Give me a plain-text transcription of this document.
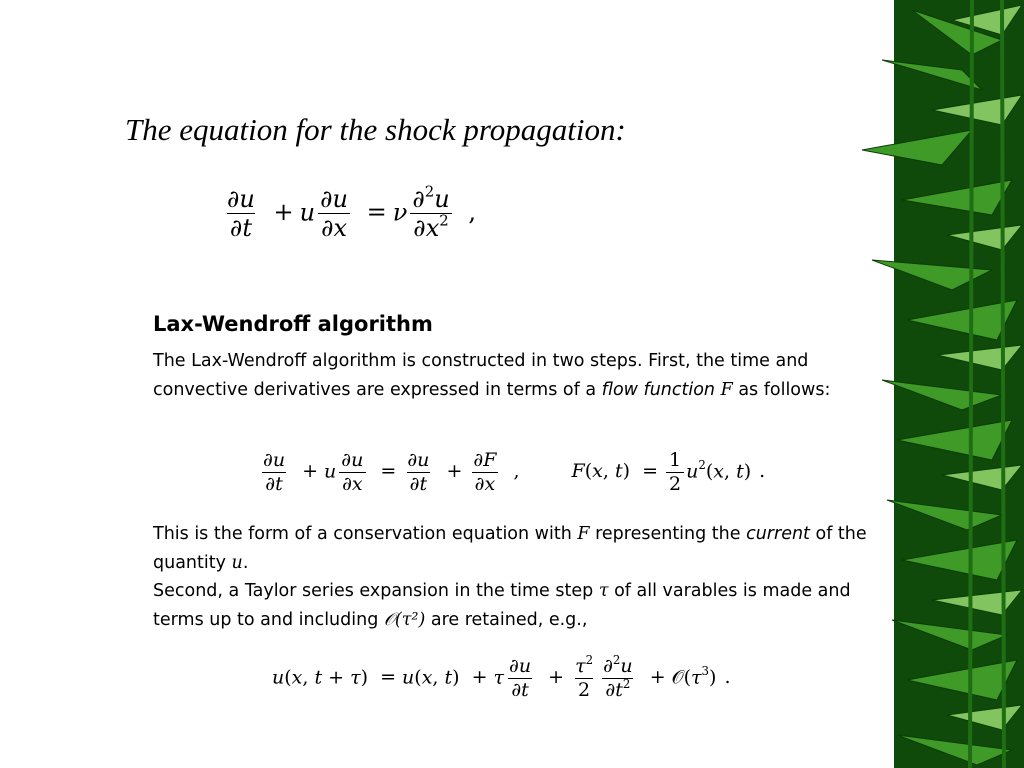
The equation for the shock propagation:
$\frac{\partial u}{\partial t} + u \frac{\partial u}{\partial x} = \nu \frac{\partial^2u}{\partial x^2}$ ,
Lax-Wendroff algorithm
The Lax-Wendroff algorithm is constructed in two steps. First, the time and convective derivatives are expressed in terms of a flow function F as follows:
$\frac{\partial u}{\partial t} + u \frac{\partial u}{\partial x} = \frac{\partial u}{\partial t} + \frac{\partial F}{\partial x}$ ,	F(x, $t) = \frac{1}{2} u^2(x$, t) .
This is the form of a conservation equation with F representing the current of the quantity u.
Second, a Taylor series expansion in the time step τ of all varables is made and terms up to and including 𝒪(τ²) are retained, e.g.,
u(x, t + τ) = u(x, t) + τ $\frac{\partial u}{\partial t} + \frac{\tau^2}{2} \frac{\partial^2u}{\partial t^2}$ + $𝒪(\tau^3)$ .
